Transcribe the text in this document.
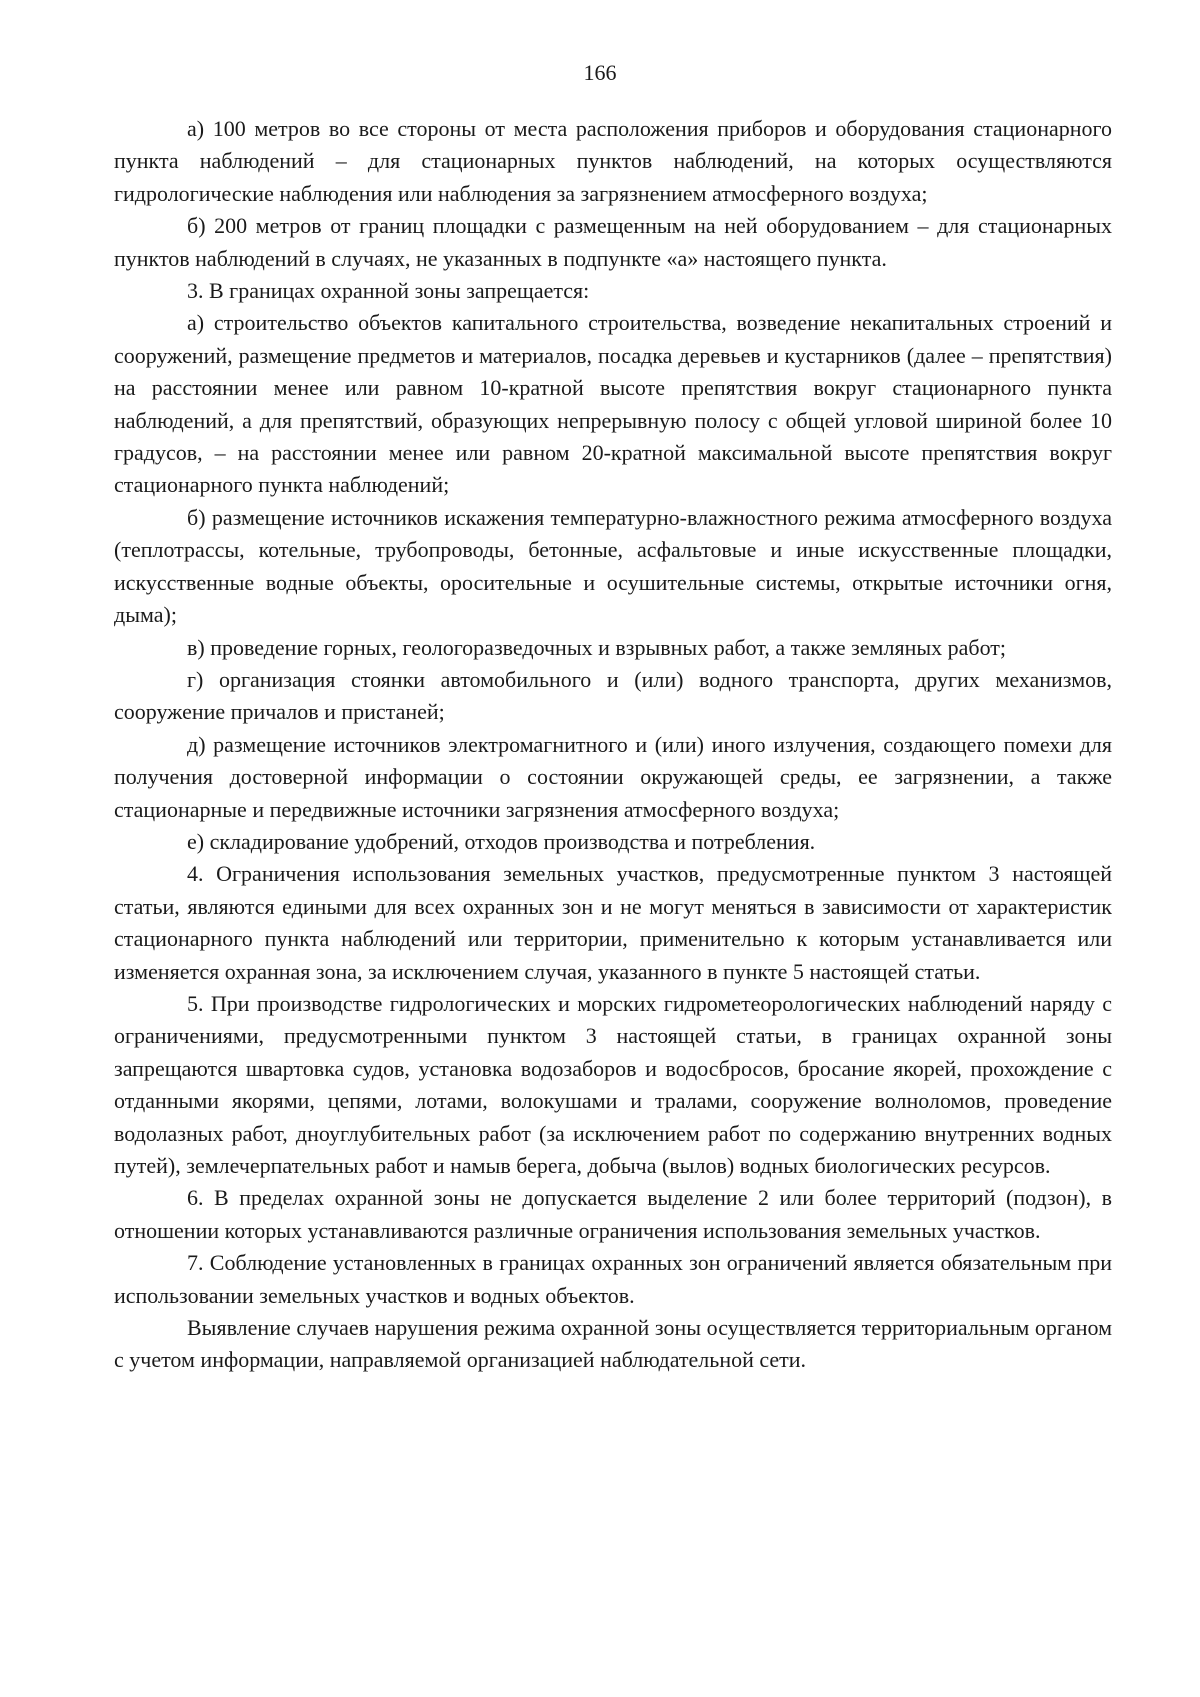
166

а) 100 метров во все стороны от места расположения приборов и оборудования стационарного пункта наблюдений – для стационарных пунктов наблюдений, на которых осуществляются гидрологические наблюдения или наблюдения за загрязнением атмосферного воздуха;

б) 200 метров от границ площадки с размещенным на ней оборудованием – для стационарных пунктов наблюдений в случаях, не указанных в подпункте «а» настоящего пункта.

3. В границах охранной зоны запрещается:

а) строительство объектов капитального строительства, возведение некапитальных строений и сооружений, размещение предметов и материалов, посадка деревьев и кустарников (далее – препятствия) на расстоянии менее или равном 10-кратной высоте препятствия вокруг стационарного пункта наблюдений, а для препятствий, образующих непрерывную полосу с общей угловой шириной более 10 градусов, – на расстоянии менее или равном 20-кратной максимальной высоте препятствия вокруг стационарного пункта наблюдений;

б) размещение источников искажения температурно-влажностного режима атмосферного воздуха (теплотрассы, котельные, трубопроводы, бетонные, асфальтовые и иные искусственные площадки, искусственные водные объекты, оросительные и осушительные системы, открытые источники огня, дыма);

в) проведение горных, геологоразведочных и взрывных работ, а также земляных работ;

г) организация стоянки автомобильного и (или) водного транспорта, других механизмов, сооружение причалов и пристаней;

д) размещение источников электромагнитного и (или) иного излучения, создающего помехи для получения достоверной информации о состоянии окружающей среды, ее загрязнении, а также стационарные и передвижные источники загрязнения атмосферного воздуха;

е) складирование удобрений, отходов производства и потребления.

4. Ограничения использования земельных участков, предусмотренные пунктом 3 настоящей статьи, являются едиными для всех охранных зон и не могут меняться в зависимости от характеристик стационарного пункта наблюдений или территории, применительно к которым устанавливается или изменяется охранная зона, за исключением случая, указанного в пункте 5 настоящей статьи.

5. При производстве гидрологических и морских гидрометеорологических наблюдений наряду с ограничениями, предусмотренными пунктом 3 настоящей статьи, в границах охранной зоны запрещаются швартовка судов, установка водозаборов и водосбросов, бросание якорей, прохождение с отданными якорями, цепями, лотами, волокушами и тралами, сооружение волноломов, проведение водолазных работ, дноуглубительных работ (за исключением работ по содержанию внутренних водных путей), землечерпательных работ и намыв берега, добыча (вылов) водных биологических ресурсов.

6. В пределах охранной зоны не допускается выделение 2 или более территорий (подзон), в отношении которых устанавливаются различные ограничения использования земельных участков.

7. Соблюдение установленных в границах охранных зон ограничений является обязательным при использовании земельных участков и водных объектов.

Выявление случаев нарушения режима охранной зоны осуществляется территориальным органом с учетом информации, направляемой организацией наблюдательной сети.
